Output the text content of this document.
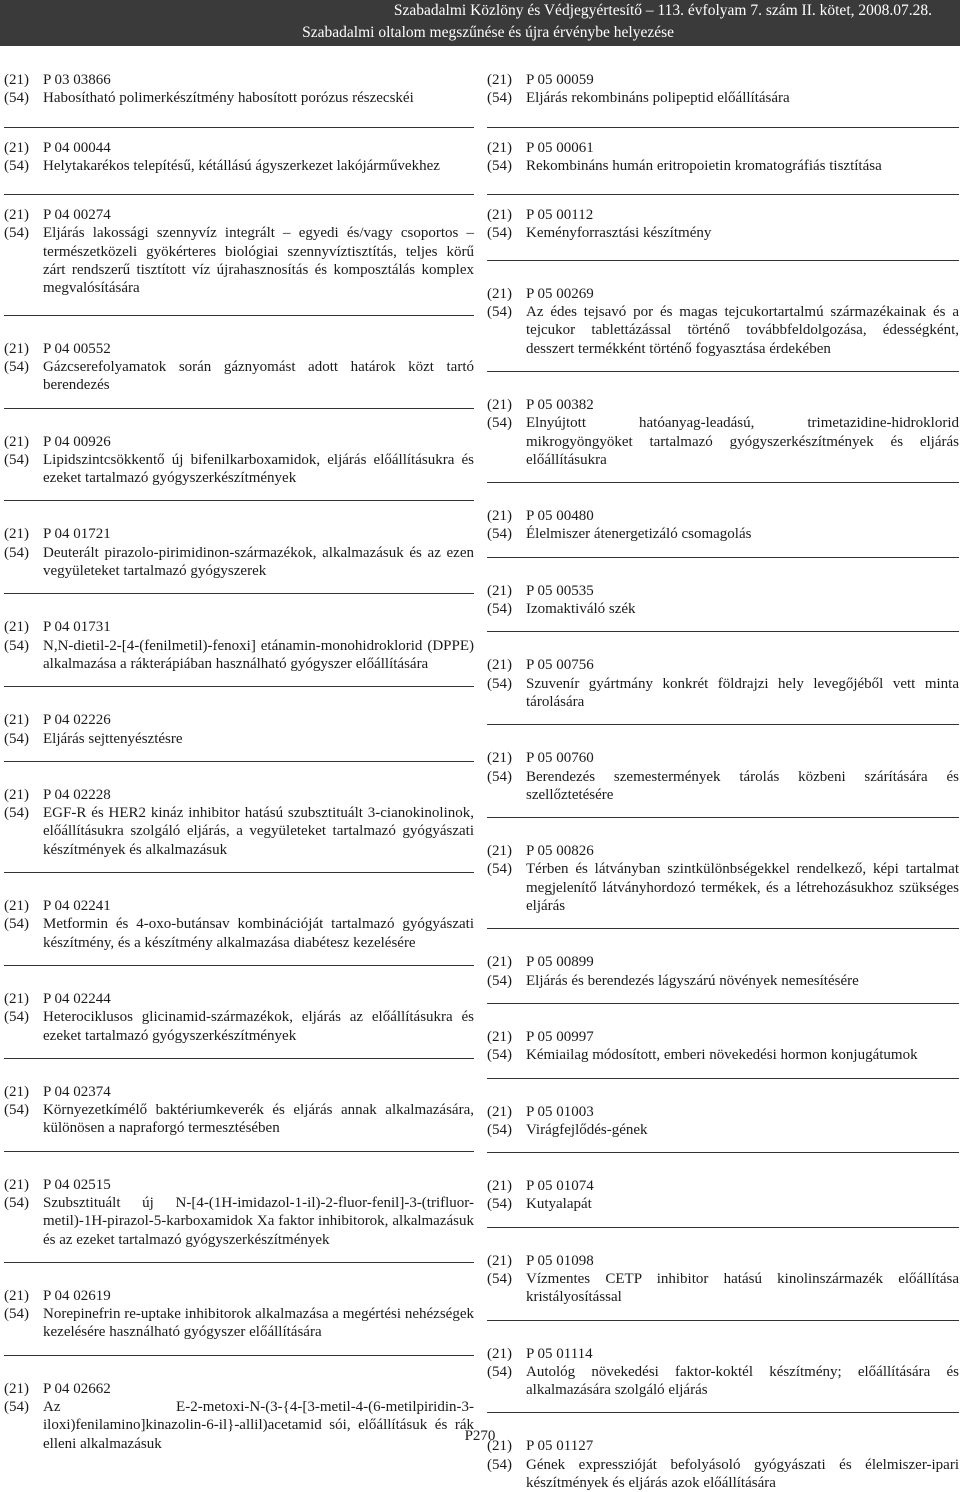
Szabadalmi Közlöny és Védjegyértesítő – 113. évfolyam 7. szám II. kötet, 2008.07.28.
Szabadalmi oltalom megszűnése és újra érvénybe helyezése
(21) P 03 03866
(54) Habosítható polimerkészítmény habosított porózus részecskéi
(21) P 04 00044
(54) Helytakarékos telepítésű, kétállású ágyszerkezet lakójárművekhez
(21) P 04 00274
(54) Eljárás lakossági szennyvíz integrált – egyedi és/vagy csoportos – természetközeli gyökérteres biológiai szennyvíztisztítás, teljes körű zárt rendszerű tisztított víz újrahasznosítás és komposztálás komplex megvalósítására
(21) P 04 00552
(54) Gázcserefolyamatok során gáznyomást adott határok közt tartó berendezés
(21) P 04 00926
(54) Lipidszintcsökkentő új bifenilkarboxamidok, eljárás előállításukra és ezeket tartalmazó gyógyszerkészítmények
(21) P 04 01721
(54) Deuterált pirazolo-pirimidinon-származékok, alkalmazásuk és az ezen vegyületeket tartalmazó gyógyszerek
(21) P 04 01731
(54) N,N-dietil-2-[4-(fenilmetil)-fenoxi] etánamin-monohidroklorid (DPPE) alkalmazása a rákterápiában használható gyógyszer előállítására
(21) P 04 02226
(54) Eljárás sejttenyésztésre
(21) P 04 02228
(54) EGF-R és HER2 kináz inhibitor hatású szubsztituált 3-cianokinolinok, előállításukra szolgáló eljárás, a vegyületeket tartalmazó gyógyászati készítmények és alkalmazásuk
(21) P 04 02241
(54) Metformin és 4-oxo-butánsav kombinációját tartalmazó gyógyászati készítmény, és a készítmény alkalmazása diabétesz kezelésére
(21) P 04 02244
(54) Heterociklusos glicinamid-származékok, eljárás az előállításukra és ezeket tartalmazó gyógyszerkészítmények
(21) P 04 02374
(54) Környezetkímélő baktériumkeverék és eljárás annak alkalmazására, különösen a napraforgó termesztésében
(21) P 04 02515
(54) Szubsztituált új N-[4-(1H-imidazol-1-il)-2-fluor-fenil]-3-(trifluor-metil)-1H-pirazol-5-karboxamidok Xa faktor inhibitorok, alkalmazásuk és az ezeket tartalmazó gyógyszerkészítmények
(21) P 04 02619
(54) Norepinefrin re-uptake inhibitorok alkalmazása a megértési nehézségek kezelésére használható gyógyszer előállítására
(21) P 04 02662
(54) Az E-2-metoxi-N-(3-{4-[3-metil-4-(6-metilpiridin-3-iloxi)fenilamino]kinazolin-6-il}-allil)acetamid sói, előállításuk és rák elleni alkalmazásuk
(21) P 05 00059
(54) Eljárás rekombináns polipeptid előállítására
(21) P 05 00061
(54) Rekombináns humán eritropoietin kromatográfiás tisztítása
(21) P 05 00112
(54) Keményforrasztási készítmény
(21) P 05 00269
(54) Az édes tejsavó por és magas tejcukortartalmú származékainak és a tejcukor tablettázással történő továbbfeldolgozása, édességként, desszert termékként történő fogyasztása érdekében
(21) P 05 00382
(54) Elnyújtott hatóanyag-leadású, trimetazidine-hidroklorid mikrogyöngyöket tartalmazó gyógyszerkészítmények és eljárás előállításukra
(21) P 05 00480
(54) Élelmiszer átenergetizáló csomagolás
(21) P 05 00535
(54) Izomaktiváló szék
(21) P 05 00756
(54) Szuvenír gyártmány konkrét földrajzi hely levegőjéből vett minta tárolására
(21) P 05 00760
(54) Berendezés szemestermények tárolás közbeni szárítására és szellőztetésére
(21) P 05 00826
(54) Térben és látványban szintkülönbségekkel rendelkező, képi tartalmat megjelenítő látványhordozó termékek, és a létrehozásukhoz szükséges eljárás
(21) P 05 00899
(54) Eljárás és berendezés lágyszárú növények nemesítésére
(21) P 05 00997
(54) Kémiailag módosított, emberi növekedési hormon konjugátumok
(21) P 05 01003
(54) Virágfejlődés-gének
(21) P 05 01074
(54) Kutyalapát
(21) P 05 01098
(54) Vízmentes CETP inhibitor hatású kinolinszármazék előállítása kristályosítással
(21) P 05 01114
(54) Autológ növekedési faktor-koktél készítmény; előállítására és alkalmazására szolgáló eljárás
(21) P 05 01127
(54) Gének expresszióját befolyásoló gyógyászati és élelmiszer-ipari készítmények és eljárás azok előállítására
P270
